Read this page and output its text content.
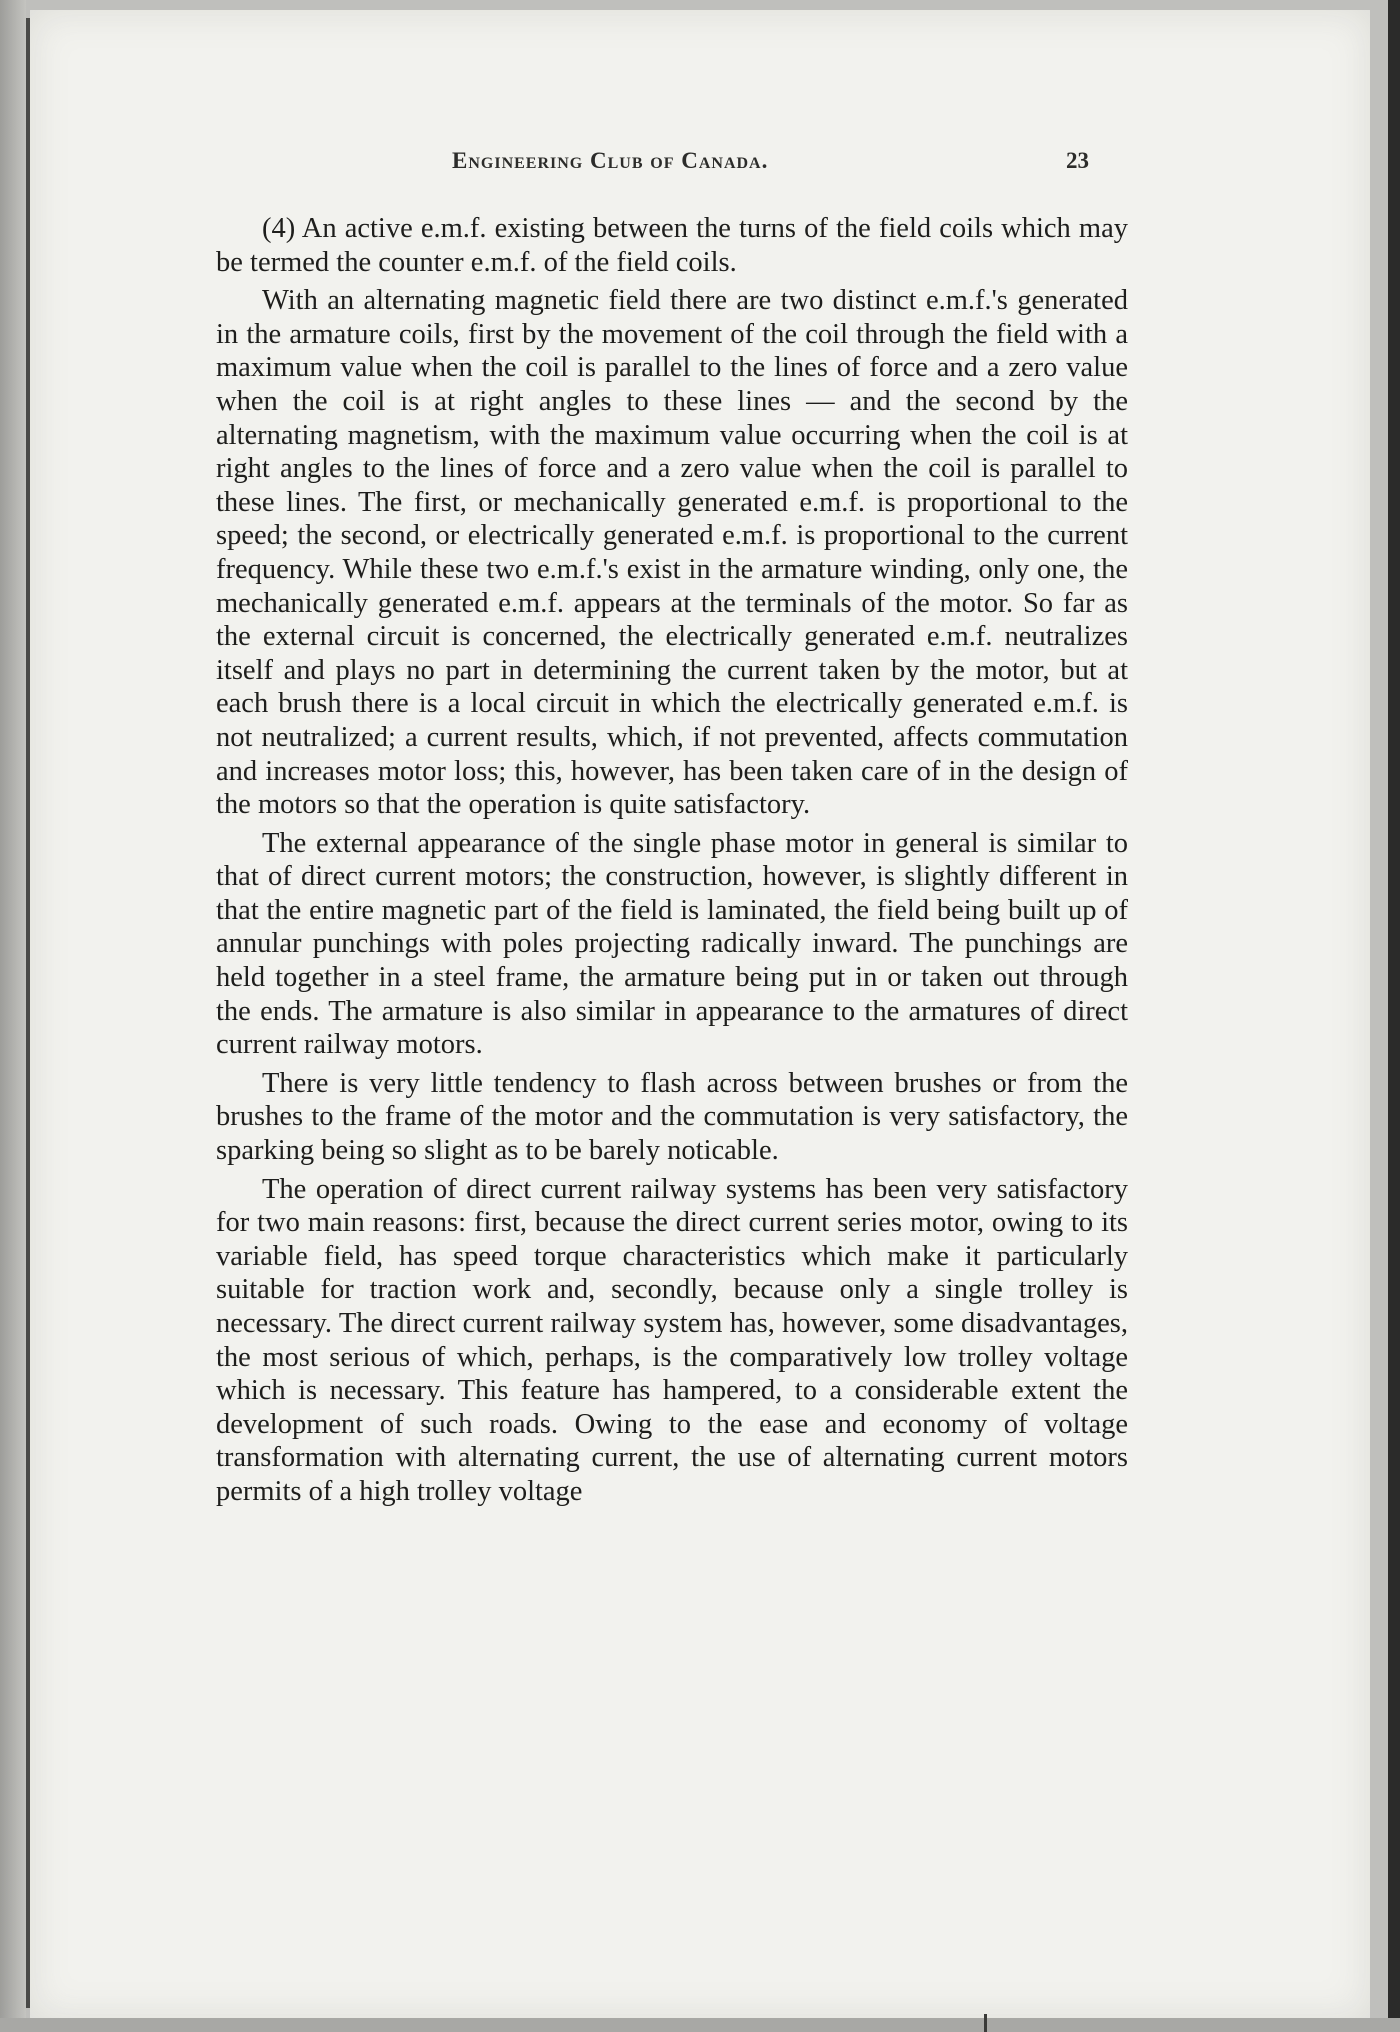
Engineering Club of Canada.	23

(4) An active e.m.f. existing between the turns of the field coils which may be termed the counter e.m.f. of the field coils.

With an alternating magnetic field there are two distinct e.m.f.'s generated in the armature coils, first by the movement of the coil through the field with a maximum value when the coil is parallel to the lines of force and a zero value when the coil is at right angles to these lines — and the second by the alternating magnetism, with the maximum value occurring when the coil is at right angles to the lines of force and a zero value when the coil is parallel to these lines. The first, or mechanically generated e.m.f. is proportional to the speed; the second, or electrically generated e.m.f. is proportional to the current frequency. While these two e.m.f.'s exist in the armature winding, only one, the mechanically generated e.m.f. appears at the terminals of the motor. So far as the external circuit is concerned, the electrically generated e.m.f. neutralizes itself and plays no part in determining the current taken by the motor, but at each brush there is a local circuit in which the electrically generated e.m.f. is not neutralized; a current results, which, if not prevented, affects commutation and increases motor loss; this, however, has been taken care of in the design of the motors so that the operation is quite satisfactory.

The external appearance of the single phase motor in general is similar to that of direct current motors; the construction, however, is slightly different in that the entire magnetic part of the field is laminated, the field being built up of annular punchings with poles projecting radically inward. The punchings are held together in a steel frame, the armature being put in or taken out through the ends. The armature is also similar in appearance to the armatures of direct current railway motors.

There is very little tendency to flash across between brushes or from the brushes to the frame of the motor and the commutation is very satisfactory, the sparking being so slight as to be barely noticable.

The operation of direct current railway systems has been very satisfactory for two main reasons: first, because the direct current series motor, owing to its variable field, has speed torque characteristics which make it particularly suitable for traction work and, secondly, because only a single trolley is necessary. The direct current railway system has, however, some disadvantages, the most serious of which, perhaps, is the comparatively low trolley voltage which is necessary. This feature has hampered, to a considerable extent the development of such roads. Owing to the ease and economy of voltage transformation with alternating current, the use of alternating current motors permits of a high trolley voltage
